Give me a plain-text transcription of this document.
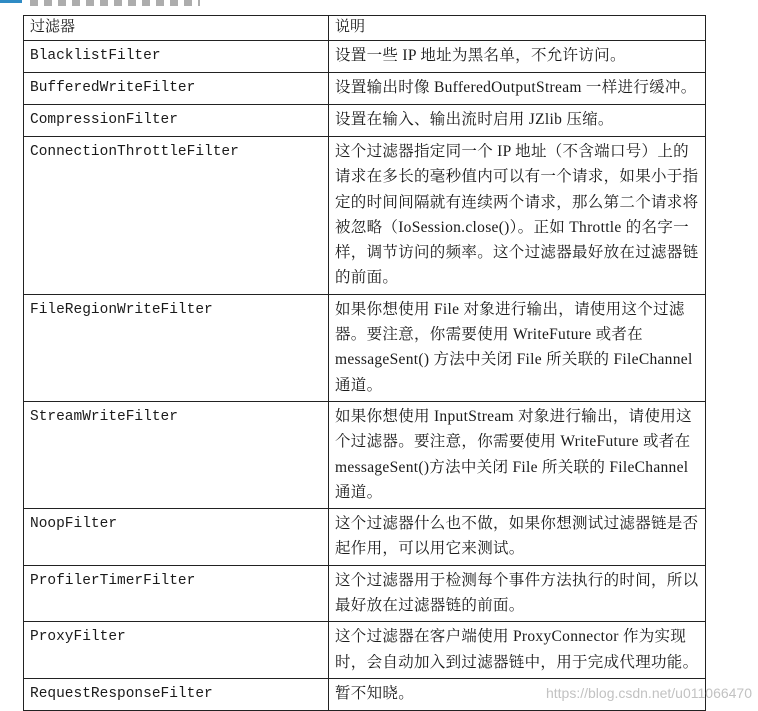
过滤器	说明
BlacklistFilter	设置一些 IP 地址为黑名单，不允许访问。
BufferedWriteFilter	设置输出时像 BufferedOutputStream 一样进行缓冲。
CompressionFilter	设置在输入、输出流时启用 JZlib 压缩。
ConnectionThrottleFilter	这个过滤器指定同一个 IP 地址（不含端口号）上的请求在多长的毫秒值内可以有一个请求，如果小于指定的时间间隔就有连续两个请求，那么第二个请求将被忽略（IoSession.close()）。正如 Throttle 的名字一样，调节访问的频率。这个过滤器最好放在过滤器链的前面。
FileRegionWriteFilter	如果你想使用 File 对象进行输出，请使用这个过滤器。要注意，你需要使用 WriteFuture 或者在 messageSent() 方法中关闭 File 所关联的 FileChannel 通道。
StreamWriteFilter	如果你想使用 InputStream 对象进行输出，请使用这个过滤器。要注意，你需要使用 WriteFuture 或者在 messageSent()方法中关闭 File 所关联的 FileChannel 通道。
NoopFilter	这个过滤器什么也不做，如果你想测试过滤器链是否起作用，可以用它来测试。
ProfilerTimerFilter	这个过滤器用于检测每个事件方法执行的时间，所以最好放在过滤器链的前面。
ProxyFilter	这个过滤器在客户端使用 ProxyConnector 作为实现时，会自动加入到过滤器链中，用于完成代理功能。
RequestResponseFilter	暂不知晓。	https://blog.csdn.net/u011066470
